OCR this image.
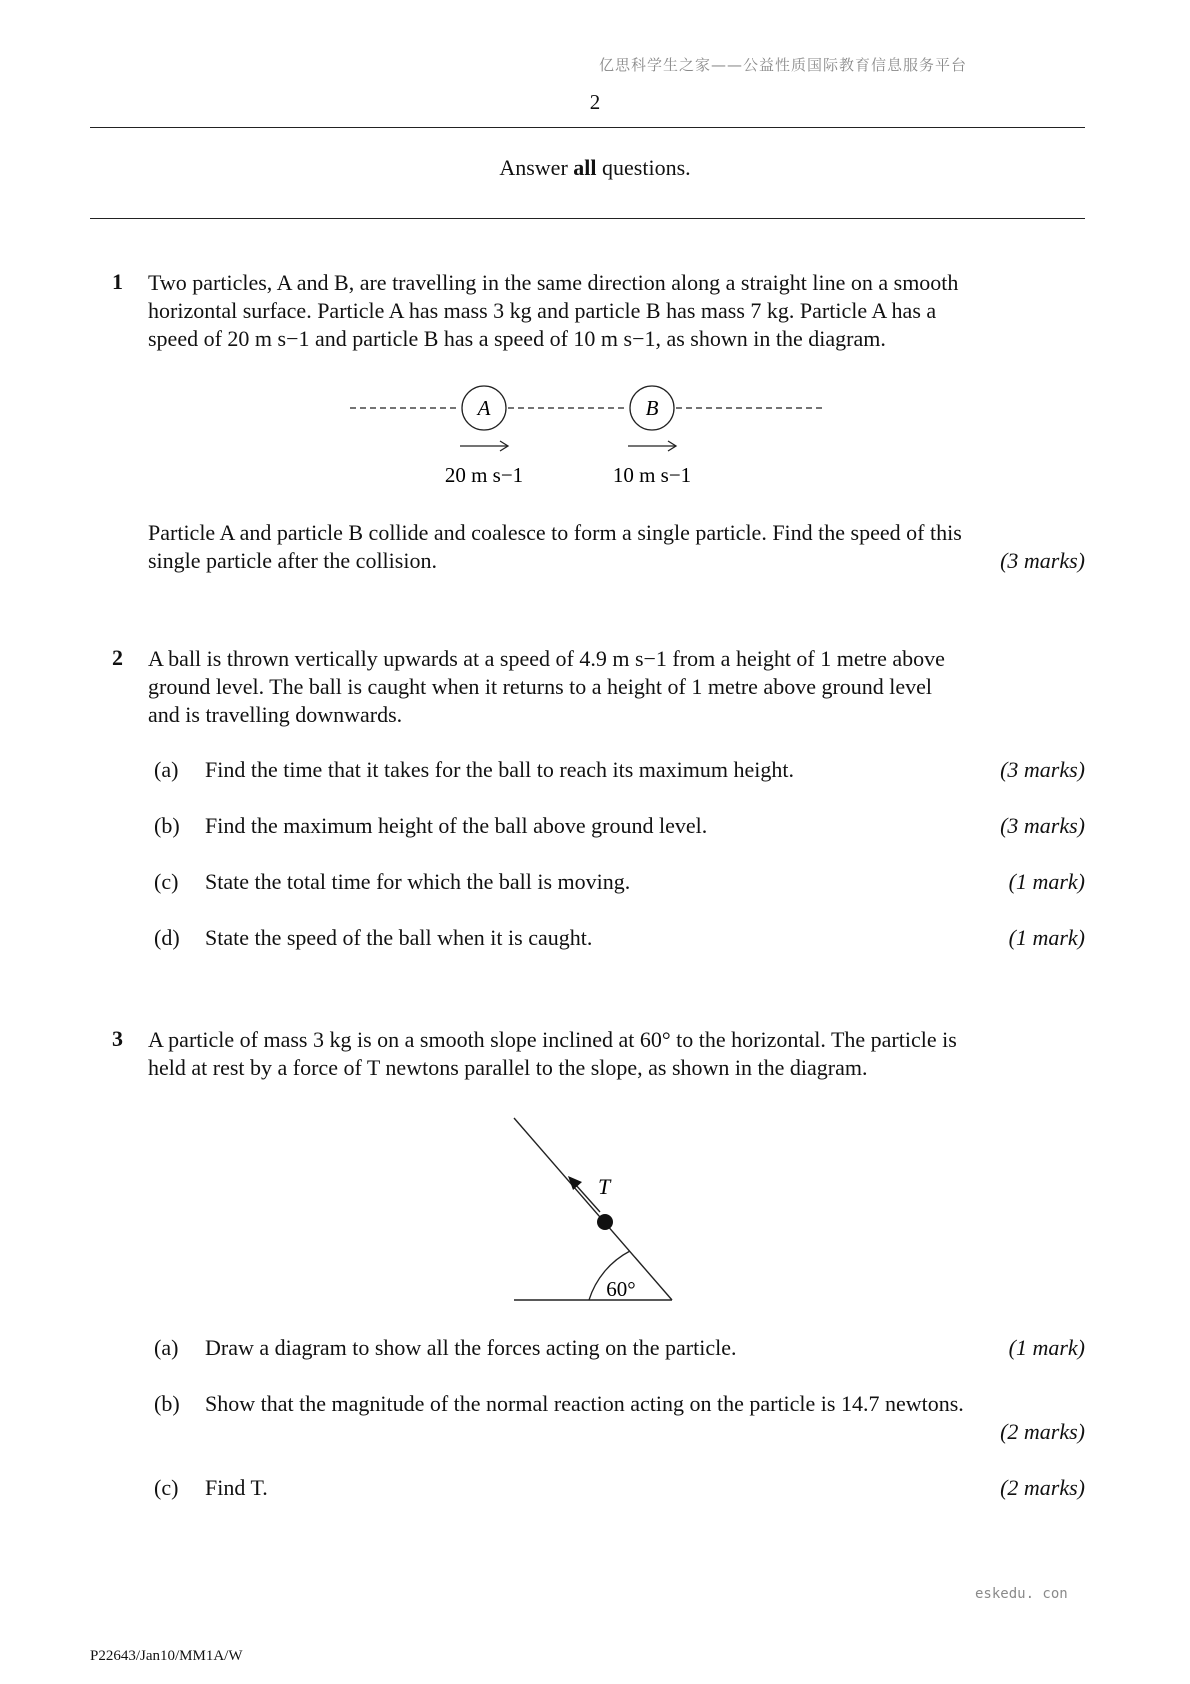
亿思科学生之家——公益性质国际教育信息服务平台
2
Answer all questions.
1 Two particles, A and B, are travelling in the same direction along a straight line on a smooth
horizontal surface. Particle A has mass 3 kg and particle B has mass 7 kg. Particle A has a
speed of 20 m s−1 and particle B has a speed of 10 m s−1, as shown in the diagram.
A	B
20 m s−1	10 m s−1
Particle A and particle B collide and coalesce to form a single particle. Find the speed of this
single particle after the collision.	(3 marks)
2 A ball is thrown vertically upwards at a speed of 4.9 m s−1 from a height of 1 metre above
ground level. The ball is caught when it returns to a height of 1 metre above ground level
and is travelling downwards.
(a) Find the time that it takes for the ball to reach its maximum height.	(3 marks)
(b) Find the maximum height of the ball above ground level.	(3 marks)
(c) State the total time for which the ball is moving.	(1 mark)
(d) State the speed of the ball when it is caught.	(1 mark)
3 A particle of mass 3 kg is on a smooth slope inclined at 60° to the horizontal. The particle is
held at rest by a force of T newtons parallel to the slope, as shown in the diagram.
60°
T
(a) Draw a diagram to show all the forces acting on the particle.	(1 mark)
(b) Show that the magnitude of the normal reaction acting on the particle is 14.7 newtons.
(2 marks)
(c) Find T.	(2 marks)
eskedu. con
P22643/Jan10/MM1A/W
